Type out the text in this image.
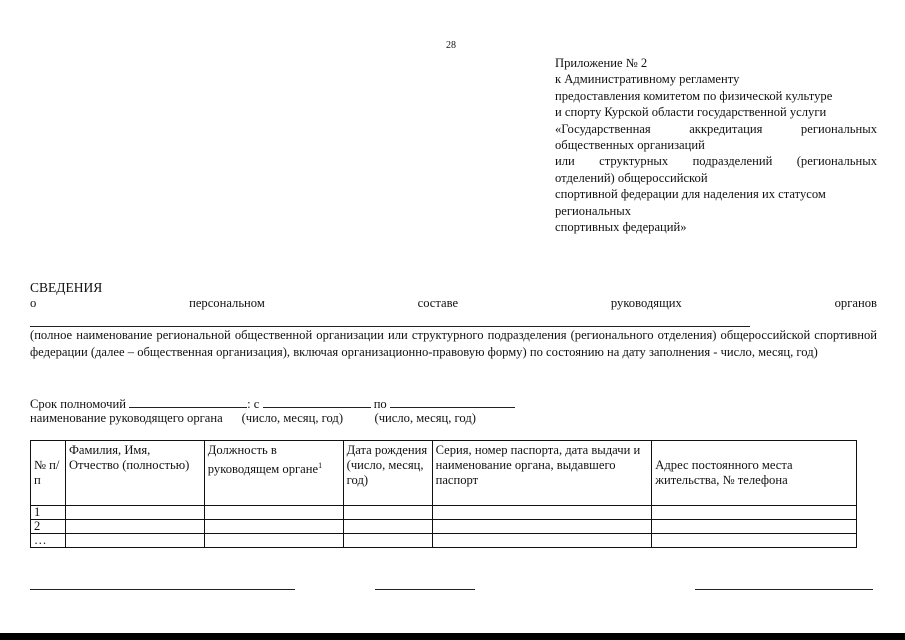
28
Приложение № 2
к Административному регламенту
предоставления комитетом по физической культуре
и спорту Курской области государственной услуги
«Государственная аккредитация региональных
общественных организаций
или структурных подразделений (региональных
отделений) общероссийской
спортивной федерации для наделения их статусом
региональных
спортивных федераций»
СВЕДЕНИЯ
о	персональном	составе	руководящих	органов
(полное наименование региональной общественной организации или структурного подразделения (регионального отделения) общероссийской спортивной федерации (далее – общественная организация), включая организационно-правовую форму) по состоянию на дату заполнения - число, месяц, год)
Срок полномочий	: с	по
наименование руководящего органа (число, месяц, год) (число, месяц, год)
№ п/п	Фамилия, Имя, Отчество (полностью)	Должность в руководящем органе$^1$	Дата рождения (число, месяц, год)	Серия, номер паспорта, дата выдачи и наименование органа, выдавшего паспорт	Адрес постоянного места жительства, № телефона
1					
2					
…					
